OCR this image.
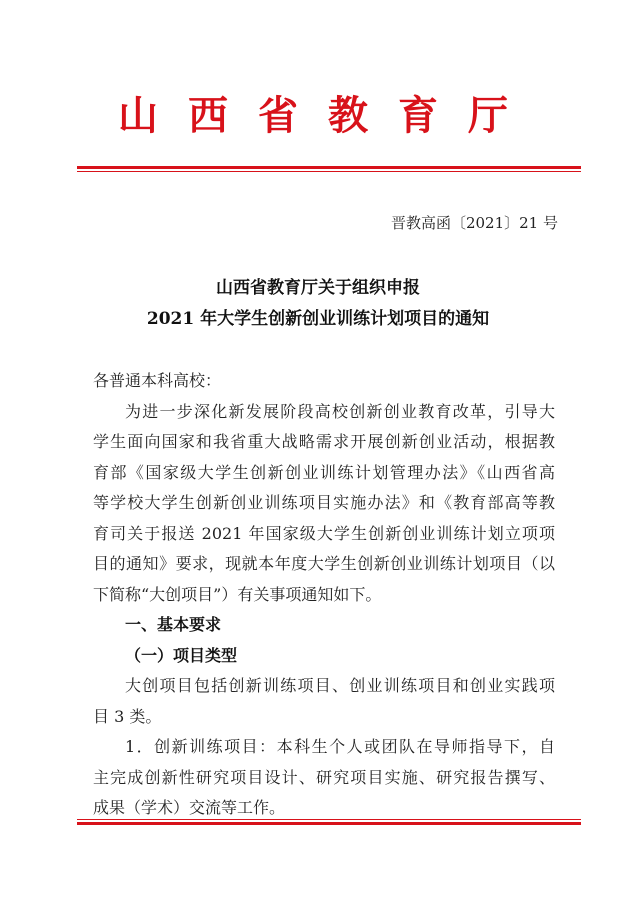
山西省教育厅
晋教高函〔2021〕21 号
山西省教育厅关于组织申报
2021 年大学生创新创业训练计划项目的通知

各普通本科高校：

为进一步深化新发展阶段高校创新创业教育改革，引导大

学生面向国家和我省重大战略需求开展创新创业活动，根据教

育部《国家级大学生创新创业训练计划管理办法》《山西省高

等学校大学生创新创业训练项目实施办法》和《教育部高等教

育司关于报送 2021 年国家级大学生创新创业训练计划立项项

目的通知》要求，现就本年度大学生创新创业训练计划项目（以

下简称“大创项目”）有关事项通知如下。

一、基本要求

（一）项目类型

大创项目包括创新训练项目、创业训练项目和创业实践项

目 3 类。

1．创新训练项目：本科生个人或团队在导师指导下，自

主完成创新性研究项目设计、研究项目实施、研究报告撰写、

成果（学术）交流等工作。
